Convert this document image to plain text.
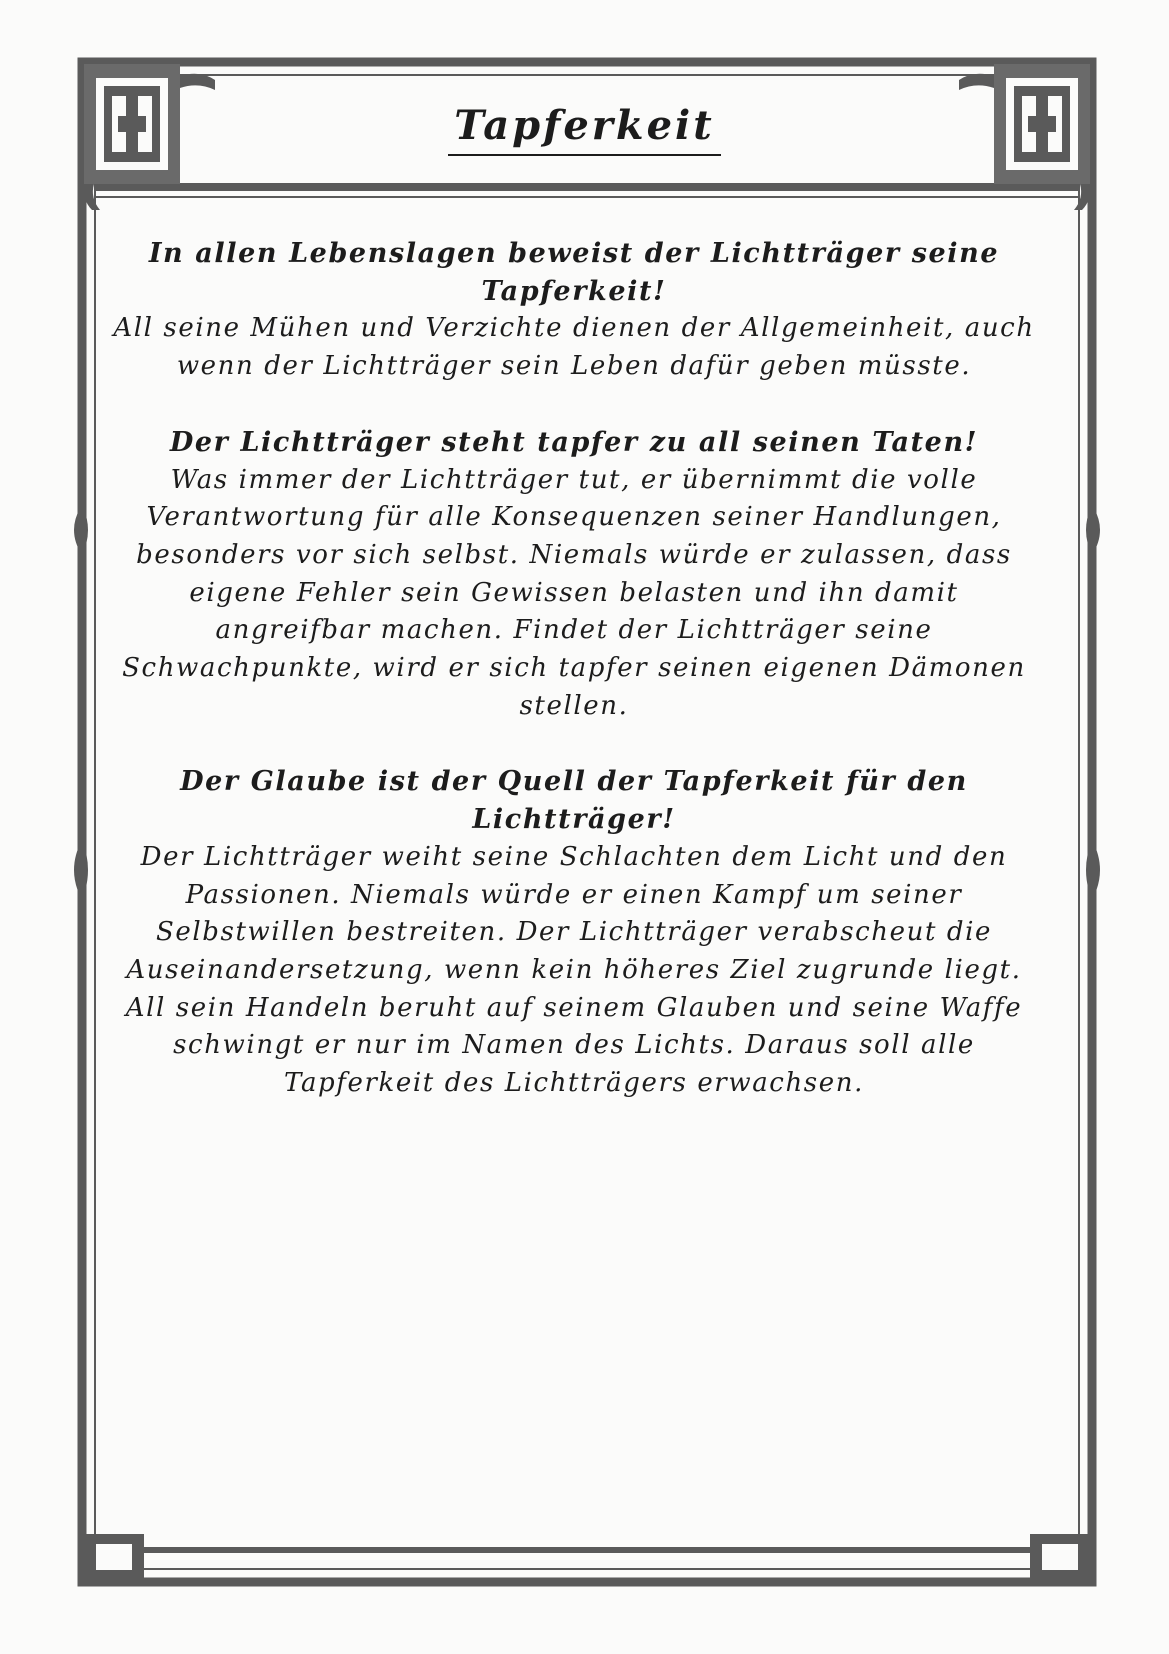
Tapferkeit
In allen Lebenslagen beweist der Lichtträger seine Tapferkeit!
All seine Mühen und Verzichte dienen der Allgemeinheit, auch wenn der Lichtträger sein Leben dafür geben müsste.
Der Lichtträger steht tapfer zu all seinen Taten!
Was immer der Lichtträger tut, er übernimmt die volle Verantwortung für alle Konsequenzen seiner Handlungen, besonders vor sich selbst. Niemals würde er zulassen, dass eigene Fehler sein Gewissen belasten und ihn damit angreifbar machen. Findet der Lichtträger seine Schwachpunkte, wird er sich tapfer seinen eigenen Dämonen stellen.
Der Glaube ist der Quell der Tapferkeit für den Lichtträger!
Der Lichtträger weiht seine Schlachten dem Licht und den Passionen. Niemals würde er einen Kampf um seiner Selbstwillen bestreiten. Der Lichtträger verabscheut die Auseinandersetzung, wenn kein höheres Ziel zugrunde liegt. All sein Handeln beruht auf seinem Glauben und seine Waffe schwingt er nur im Namen des Lichts. Daraus soll alle Tapferkeit des Lichtträgers erwachsen.
